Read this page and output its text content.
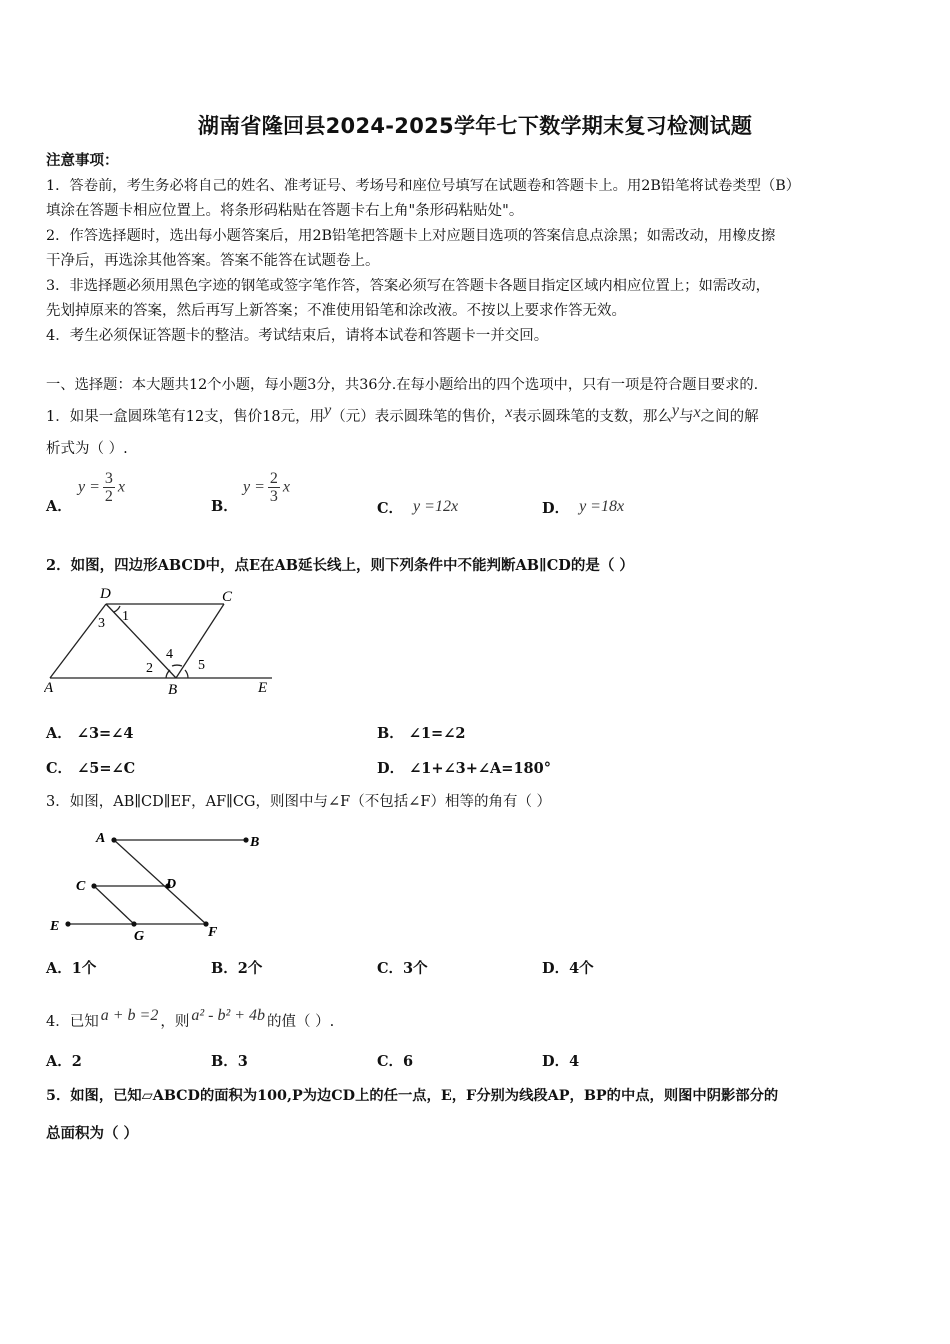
湖南省隆回县2024-2025学年七下数学期末复习检测试题
注意事项：
1．答卷前，考生务必将自己的姓名、准考证号、考场号和座位号填写在试题卷和答题卡上。用2B铅笔将试卷类型（B）
填涂在答题卡相应位置上。将条形码粘贴在答题卡右上角"条形码粘贴处"。
2．作答选择题时，选出每小题答案后，用2B铅笔把答题卡上对应题目选项的答案信息点涂黑；如需改动，用橡皮擦
干净后，再选涂其他答案。答案不能答在试题卷上。
3．非选择题必须用黑色字迹的钢笔或签字笔作答，答案必须写在答题卡各题目指定区域内相应位置上；如需改动，
先划掉原来的答案，然后再写上新答案；不准使用铅笔和涂改液。不按以上要求作答无效。
4．考生必须保证答题卡的整洁。考试结束后，请将本试卷和答题卡一并交回。
一、选择题：本大题共12个小题，每小题3分，共36分.在每小题给出的四个选项中，只有一项是符合题目要求的.
1．如果一盒圆珠笔有12支，售价18元，用y（元）表示圆珠笔的售价，x表示圆珠笔的支数，那么y与x之间的解
析式为（ ）.
A．
$y = \frac{3}{2}$ x
B．
$y = \frac{2}{3}$ x
C． y =12x	D． y =18x
2．如图，四边形ABCD中，点E在AB延长线上，则下列条件中不能判断AB∥CD的是（ ）
D	C
A	B	E
1
3
4
2	5
A． ∠3=∠4	B． ∠1=∠2
C． ∠5=∠C	D． ∠1+∠3+∠A=180°
3．如图，AB∥CD∥EF，AF∥CG，则图中与∠F（不包括∠F）相等的角有（ ）
A	B
C	D
E
G	F
A．1个	B．2个	C．3个	D．4个
4．已知 a + b =2 ，则 a² - b² + 4b 的值（ ）.
A．2	B．3	C．6	D．4
5．如图，已知▱ABCD的面积为100,P为边CD上的任一点，E，F分别为线段AP，BP的中点，则图中阴影部分的
总面积为（ ）
